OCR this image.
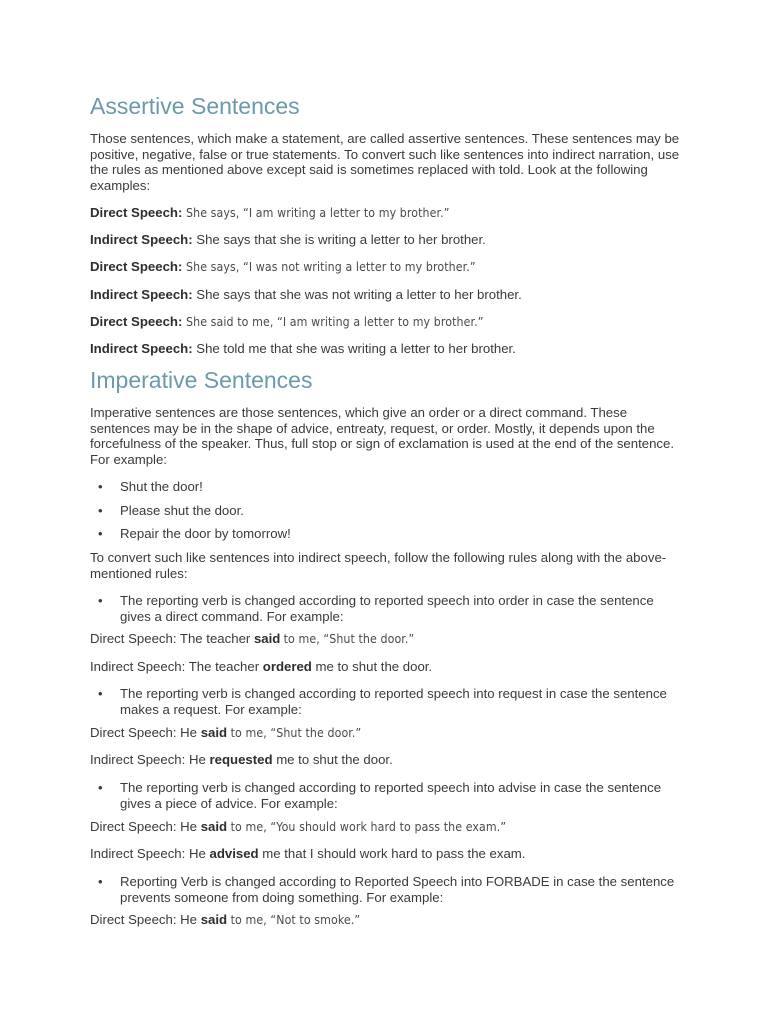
Assertive Sentences

Those sentences, which make a statement, are called assertive sentences. These sentences may be positive, negative, false or true statements. To convert such like sentences into indirect narration, use the rules as mentioned above except said is sometimes replaced with told. Look at the following examples:

Direct Speech: She says, “I am writing a letter to my brother.”
Indirect Speech: She says that she is writing a letter to her brother.
Direct Speech: She says, “I was not writing a letter to my brother.”
Indirect Speech: She says that she was not writing a letter to her brother.
Direct Speech: She said to me, “I am writing a letter to my brother.”
Indirect Speech: She told me that she was writing a letter to her brother.
Imperative Sentences

Imperative sentences are those sentences, which give an order or a direct command. These sentences may be in the shape of advice, entreaty, request, or order. Mostly, it depends upon the forcefulness of the speaker. Thus, full stop or sign of exclamation is used at the end of the sentence. For example:

• Shut the door!
• Please shut the door.
• Repair the door by tomorrow!

To convert such like sentences into indirect speech, follow the following rules along with the above-mentioned rules:

• The reporting verb is changed according to reported speech into order in case the sentence gives a direct command. For example:
Direct Speech: The teacher said to me, “Shut the door.”
Indirect Speech: The teacher ordered me to shut the door.
• The reporting verb is changed according to reported speech into request in case the sentence makes a request. For example:
Direct Speech: He said to me, “Shut the door.”
Indirect Speech: He requested me to shut the door.
• The reporting verb is changed according to reported speech into advise in case the sentence gives a piece of advice. For example:
Direct Speech: He said to me, “You should work hard to pass the exam.”
Indirect Speech: He advised me that I should work hard to pass the exam.
• Reporting Verb is changed according to Reported Speech into FORBADE in case the sentence prevents someone from doing something. For example:
Direct Speech: He said to me, “Not to smoke.”
